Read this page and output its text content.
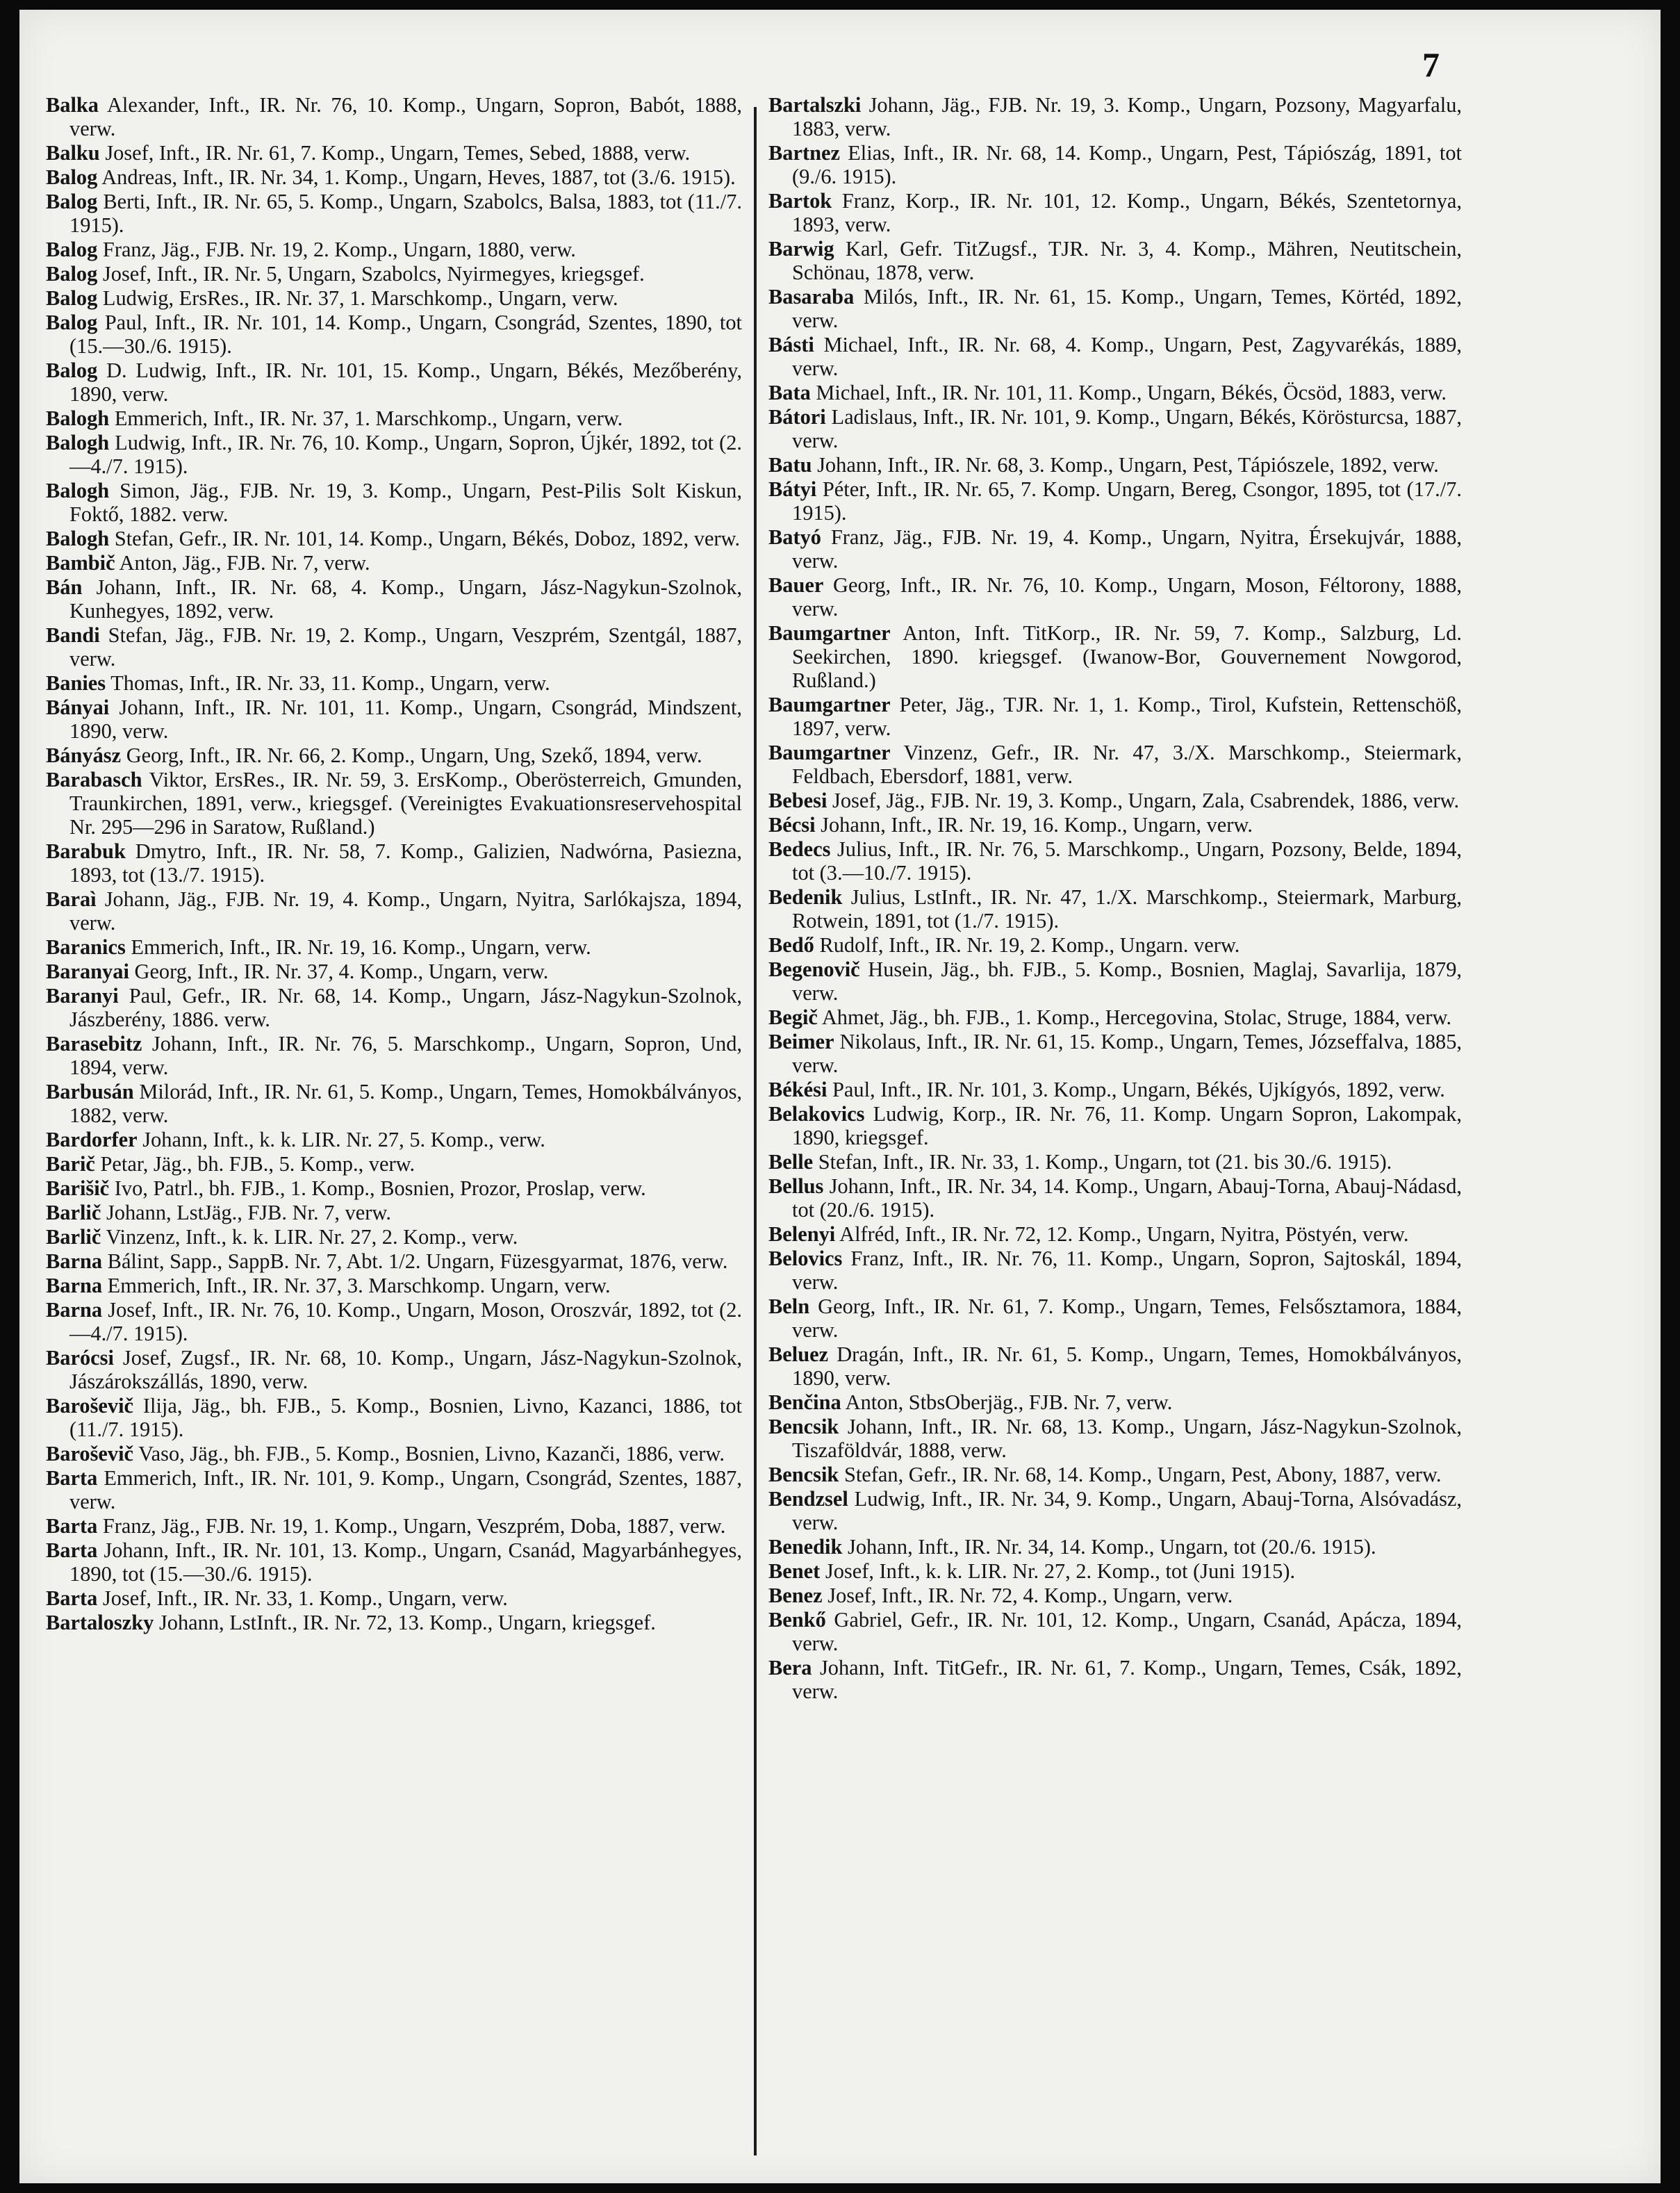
7

Balka Alexander, Inft., IR. Nr. 76, 10. Komp., Ungarn, Sopron, Babót, 1888, verw.

Balku Josef, Inft., IR. Nr. 61, 7. Komp., Ungarn, Temes, Sebed, 1888, verw.

Balog Andreas, Inft., IR. Nr. 34, 1. Komp., Ungarn, Heves, 1887, tot (3./6. 1915).

Balog Berti, Inft., IR. Nr. 65, 5. Komp., Ungarn, Szabolcs, Balsa, 1883, tot (11./7. 1915).

Balog Franz, Jäg., FJB. Nr. 19, 2. Komp., Ungarn, 1880, verw.

Balog Josef, Inft., IR. Nr. 5, Ungarn, Szabolcs, Nyirmegyes, kriegsgef.

Balog Ludwig, ErsRes., IR. Nr. 37, 1. Marschkomp., Ungarn, verw.

Balog Paul, Inft., IR. Nr. 101, 14. Komp., Ungarn, Csongrád, Szentes, 1890, tot (15.—30./6. 1915).

Balog D. Ludwig, Inft., IR. Nr. 101, 15. Komp., Ungarn, Békés, Mezőberény, 1890, verw.

Balogh Emmerich, Inft., IR. Nr. 37, 1. Marschkomp., Ungarn, verw.

Balogh Ludwig, Inft., IR. Nr. 76, 10. Komp., Ungarn, Sopron, Újkér, 1892, tot (2.—4./7. 1915).

Balogh Simon, Jäg., FJB. Nr. 19, 3. Komp., Ungarn, Pest-Pilis Solt Kiskun, Foktő, 1882. verw.

Balogh Stefan, Gefr., IR. Nr. 101, 14. Komp., Ungarn, Békés, Doboz, 1892, verw.

Bambič Anton, Jäg., FJB. Nr. 7, verw.

Bán Johann, Inft., IR. Nr. 68, 4. Komp., Ungarn, Jász-Nagykun-Szolnok, Kunhegyes, 1892, verw.

Bandi Stefan, Jäg., FJB. Nr. 19, 2. Komp., Ungarn, Veszprém, Szentgál, 1887, verw.

Banies Thomas, Inft., IR. Nr. 33, 11. Komp., Ungarn, verw.

Bányai Johann, Inft., IR. Nr. 101, 11. Komp., Ungarn, Csongrád, Mindszent, 1890, verw.

Bányász Georg, Inft., IR. Nr. 66, 2. Komp., Ungarn, Ung, Szekő, 1894, verw.

Barabasch Viktor, ErsRes., IR. Nr. 59, 3. ErsKomp., Oberösterreich, Gmunden, Traunkirchen, 1891, verw., kriegsgef. (Vereinigtes Evakuationsreservehospital Nr. 295—296 in Saratow, Rußland.)

Barabuk Dmytro, Inft., IR. Nr. 58, 7. Komp., Galizien, Nadwórna, Pasiezna, 1893, tot (13./7. 1915).

Baraì Johann, Jäg., FJB. Nr. 19, 4. Komp., Ungarn, Nyitra, Sarlókajsza, 1894, verw.

Baranics Emmerich, Inft., IR. Nr. 19, 16. Komp., Ungarn, verw.

Baranyai Georg, Inft., IR. Nr. 37, 4. Komp., Ungarn, verw.

Baranyi Paul, Gefr., IR. Nr. 68, 14. Komp., Ungarn, Jász-Nagykun-Szolnok, Jászberény, 1886. verw.

Barasebitz Johann, Inft., IR. Nr. 76, 5. Marschkomp., Ungarn, Sopron, Und, 1894, verw.

Barbusán Milorád, Inft., IR. Nr. 61, 5. Komp., Ungarn, Temes, Homokbálványos, 1882, verw.

Bardorfer Johann, Inft., k. k. LIR. Nr. 27, 5. Komp., verw.

Barič Petar, Jäg., bh. FJB., 5. Komp., verw.

Barišič Ivo, Patrl., bh. FJB., 1. Komp., Bosnien, Prozor, Proslap, verw.

Barlič Johann, LstJäg., FJB. Nr. 7, verw.

Barlič Vinzenz, Inft., k. k. LIR. Nr. 27, 2. Komp., verw.

Barna Bálint, Sapp., SappB. Nr. 7, Abt. 1/2. Ungarn, Füzesgyarmat, 1876, verw.

Barna Emmerich, Inft., IR. Nr. 37, 3. Marschkomp. Ungarn, verw.

Barna Josef, Inft., IR. Nr. 76, 10. Komp., Ungarn, Moson, Oroszvár, 1892, tot (2.—4./7. 1915).

Barócsi Josef, Zugsf., IR. Nr. 68, 10. Komp., Ungarn, Jász-Nagykun-Szolnok, Jászárokszállás, 1890, verw.

Baroševič Ilija, Jäg., bh. FJB., 5. Komp., Bosnien, Livno, Kazanci, 1886, tot (11./7. 1915).

Baroševič Vaso, Jäg., bh. FJB., 5. Komp., Bosnien, Livno, Kazanči, 1886, verw.

Barta Emmerich, Inft., IR. Nr. 101, 9. Komp., Ungarn, Csongrád, Szentes, 1887, verw.

Barta Franz, Jäg., FJB. Nr. 19, 1. Komp., Ungarn, Veszprém, Doba, 1887, verw.

Barta Johann, Inft., IR. Nr. 101, 13. Komp., Ungarn, Csanád, Magyarbánhegyes, 1890, tot (15.—30./6. 1915).

Barta Josef, Inft., IR. Nr. 33, 1. Komp., Ungarn, verw.

Bartaloszky Johann, LstInft., IR. Nr. 72, 13. Komp., Ungarn, kriegsgef.

Bartalszki Johann, Jäg., FJB. Nr. 19, 3. Komp., Ungarn, Pozsony, Magyarfalu, 1883, verw.

Bartnez Elias, Inft., IR. Nr. 68, 14. Komp., Ungarn, Pest, Tápiószág, 1891, tot (9./6. 1915).

Bartok Franz, Korp., IR. Nr. 101, 12. Komp., Ungarn, Békés, Szentetornya, 1893, verw.

Barwig Karl, Gefr. TitZugsf., TJR. Nr. 3, 4. Komp., Mähren, Neutitschein, Schönau, 1878, verw.

Basaraba Milós, Inft., IR. Nr. 61, 15. Komp., Ungarn, Temes, Körtéd, 1892, verw.

Básti Michael, Inft., IR. Nr. 68, 4. Komp., Ungarn, Pest, Zagyvarékás, 1889, verw.

Bata Michael, Inft., IR. Nr. 101, 11. Komp., Ungarn, Békés, Öcsöd, 1883, verw.

Bátori Ladislaus, Inft., IR. Nr. 101, 9. Komp., Ungarn, Békés, Körösturcsa, 1887, verw.

Batu Johann, Inft., IR. Nr. 68, 3. Komp., Ungarn, Pest, Tápiószele, 1892, verw.

Bátyi Péter, Inft., IR. Nr. 65, 7. Komp. Ungarn, Bereg, Csongor, 1895, tot (17./7. 1915).

Batyó Franz, Jäg., FJB. Nr. 19, 4. Komp., Ungarn, Nyitra, Érsekujvár, 1888, verw.

Bauer Georg, Inft., IR. Nr. 76, 10. Komp., Ungarn, Moson, Féltorony, 1888, verw.

Baumgartner Anton, Inft. TitKorp., IR. Nr. 59, 7. Komp., Salzburg, Ld. Seekirchen, 1890. kriegsgef. (Iwanow-Bor, Gouvernement Nowgorod, Rußland.)

Baumgartner Peter, Jäg., TJR. Nr. 1, 1. Komp., Tirol, Kufstein, Rettenschöß, 1897, verw.

Baumgartner Vinzenz, Gefr., IR. Nr. 47, 3./X. Marschkomp., Steiermark, Feldbach, Ebersdorf, 1881, verw.

Bebesi Josef, Jäg., FJB. Nr. 19, 3. Komp., Ungarn, Zala, Csabrendek, 1886, verw.

Bécsi Johann, Inft., IR. Nr. 19, 16. Komp., Ungarn, verw.

Bedecs Julius, Inft., IR. Nr. 76, 5. Marschkomp., Ungarn, Pozsony, Belde, 1894, tot (3.—10./7. 1915).

Bedenik Julius, LstInft., IR. Nr. 47, 1./X. Marschkomp., Steiermark, Marburg, Rotwein, 1891, tot (1./7. 1915).

Bedő Rudolf, Inft., IR. Nr. 19, 2. Komp., Ungarn. verw.

Begenovič Husein, Jäg., bh. FJB., 5. Komp., Bosnien, Maglaj, Savarlija, 1879, verw.

Begič Ahmet, Jäg., bh. FJB., 1. Komp., Hercegovina, Stolac, Struge, 1884, verw.

Beimer Nikolaus, Inft., IR. Nr. 61, 15. Komp., Ungarn, Temes, Józseffalva, 1885, verw.

Békési Paul, Inft., IR. Nr. 101, 3. Komp., Ungarn, Békés, Ujkígyós, 1892, verw.

Belakovics Ludwig, Korp., IR. Nr. 76, 11. Komp. Ungarn Sopron, Lakompak, 1890, kriegsgef.

Belle Stefan, Inft., IR. Nr. 33, 1. Komp., Ungarn, tot (21. bis 30./6. 1915).

Bellus Johann, Inft., IR. Nr. 34, 14. Komp., Ungarn, Abauj-Torna, Abauj-Nádasd, tot (20./6. 1915).

Belenyi Alfréd, Inft., IR. Nr. 72, 12. Komp., Ungarn, Nyitra, Pöstyén, verw.

Belovics Franz, Inft., IR. Nr. 76, 11. Komp., Ungarn, Sopron, Sajtoskál, 1894, verw.

Beln Georg, Inft., IR. Nr. 61, 7. Komp., Ungarn, Temes, Felsősztamora, 1884, verw.

Beluez Dragán, Inft., IR. Nr. 61, 5. Komp., Ungarn, Temes, Homokbálványos, 1890, verw.

Benčina Anton, StbsOberjäg., FJB. Nr. 7, verw.

Bencsik Johann, Inft., IR. Nr. 68, 13. Komp., Ungarn, Jász-Nagykun-Szolnok, Tiszaföldvár, 1888, verw.

Bencsik Stefan, Gefr., IR. Nr. 68, 14. Komp., Ungarn, Pest, Abony, 1887, verw.

Bendzsel Ludwig, Inft., IR. Nr. 34, 9. Komp., Ungarn, Abauj-Torna, Alsóvadász, verw.

Benedik Johann, Inft., IR. Nr. 34, 14. Komp., Ungarn, tot (20./6. 1915).

Benet Josef, Inft., k. k. LIR. Nr. 27, 2. Komp., tot (Juni 1915).

Benez Josef, Inft., IR. Nr. 72, 4. Komp., Ungarn, verw.

Benkő Gabriel, Gefr., IR. Nr. 101, 12. Komp., Ungarn, Csanád, Apácza, 1894, verw.

Bera Johann, Inft. TitGefr., IR. Nr. 61, 7. Komp., Ungarn, Temes, Csák, 1892, verw.
